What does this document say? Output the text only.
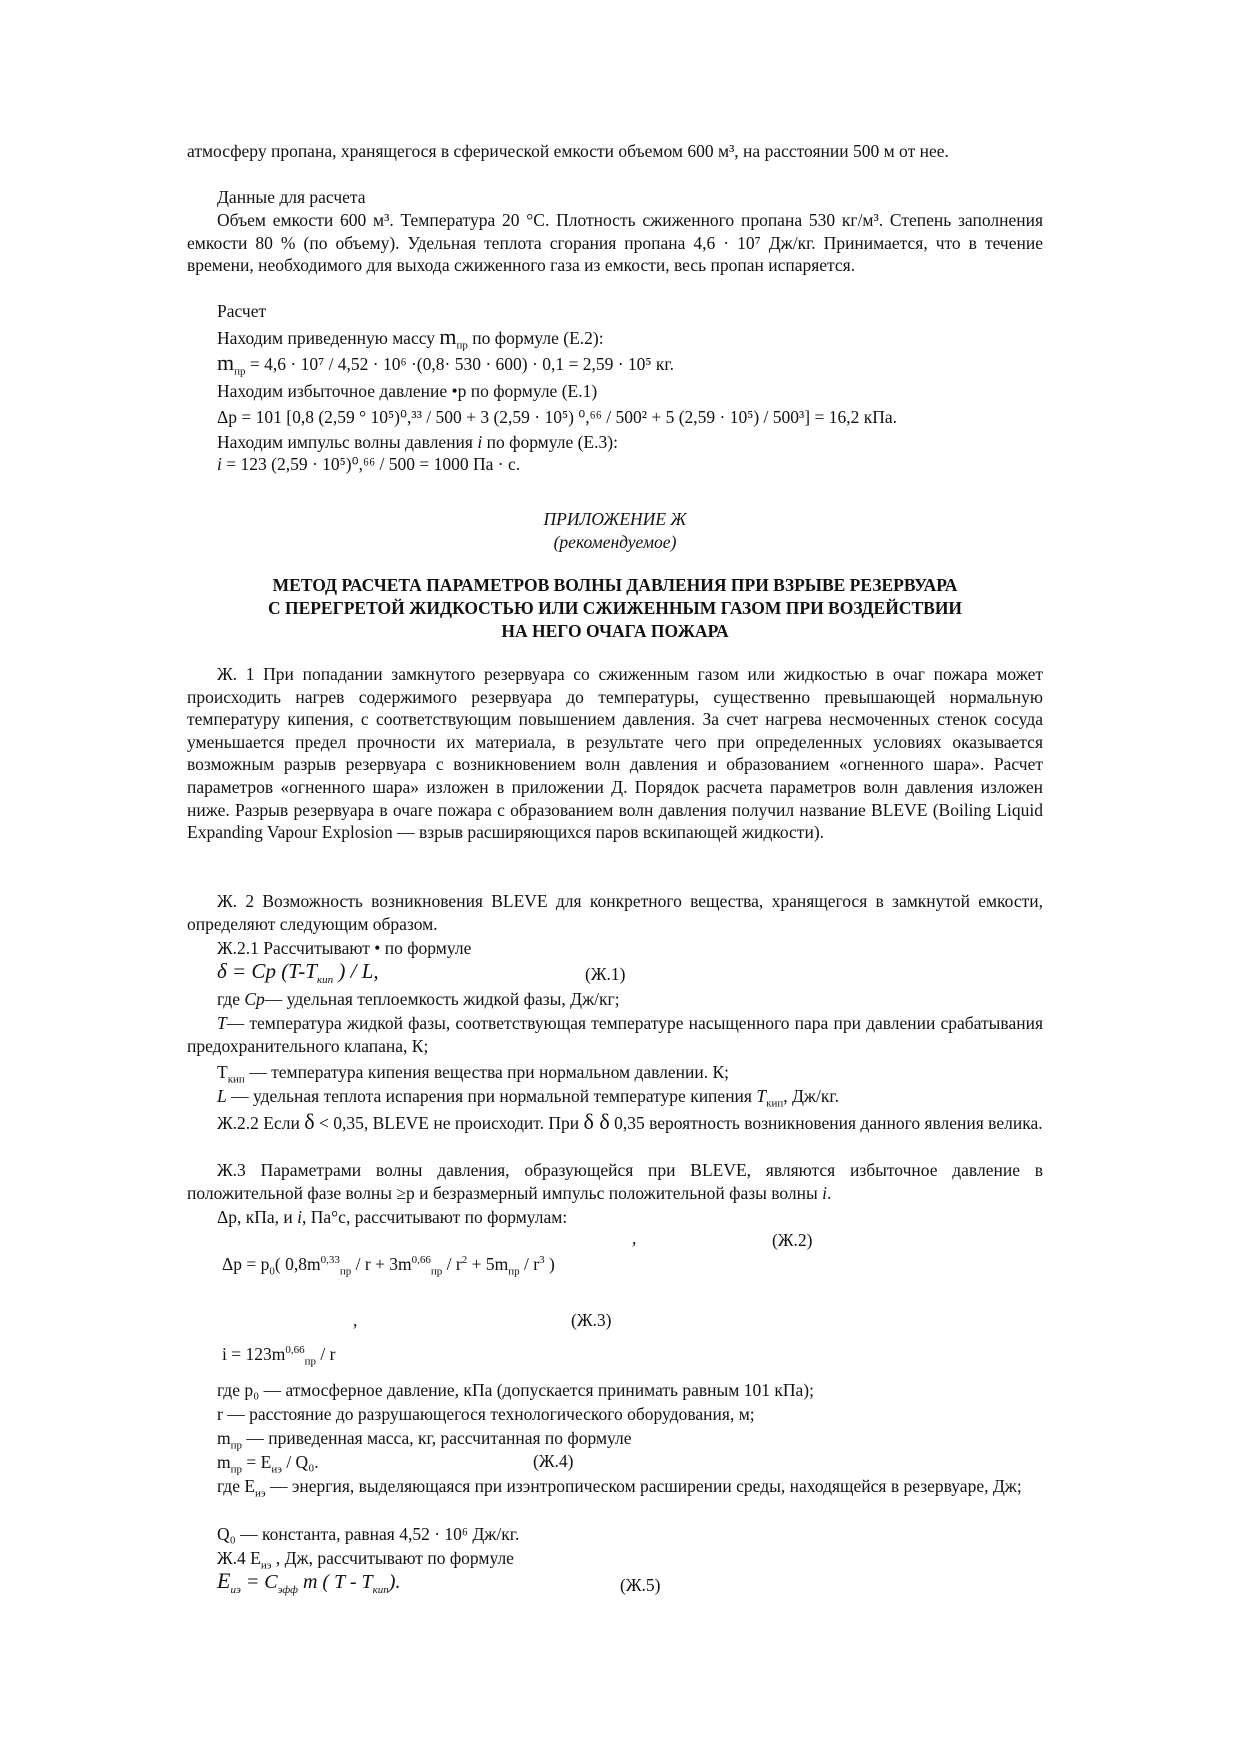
атмосферу пропана, хранящегося в сферической емкости объемом 600 м³, на расстоянии 500 м от нее.
Данные для расчета
Объем емкости 600 м³. Температура 20 °С. Плотность сжиженного пропана 530 кг/м³. Степень заполнения емкости 80 % (по объему). Удельная теплота сгорания пропана 4,6 · 10⁷ Дж/кг. Принимается, что в течение времени, необходимого для выхода сжиженного газа из емкости, весь пропан испаряется.
Расчет
Находим приведенную массу $m_{пр}$ по формуле (Е.2):
$m_{пр} = 4,6 \cdot 10^7 / 4,52 \cdot 10^6 \cdot(0,8\cdot 530 \cdot 600) \cdot 0,1 = 2,59 \cdot 10^5$ кг.
Находим избыточное давление •р по формуле (Е.1)
Δр = 101 [0,8 (2,59 ° 10⁵)⁰,³³ / 500 + 3 (2,59 · 10⁵) ⁰,⁶⁶ / 500² + 5 (2,59 · 10⁵) / 500³] = 16,2 кПа.
Находим импульс волны давления i по формуле (Е.3):
i = 123 (2,59 · 10⁵)⁰,⁶⁶ / 500 = 1000 Па · с.
ПРИЛОЖЕНИЕ Ж
(рекомендуемое)
МЕТОД РАСЧЕТА ПАРАМЕТРОВ ВОЛНЫ ДАВЛЕНИЯ ПРИ ВЗРЫВЕ РЕЗЕРВУАРА
С ПЕРЕГРЕТОЙ ЖИДКОСТЬЮ ИЛИ СЖИЖЕННЫМ ГАЗОМ ПРИ ВОЗДЕЙСТВИИ
НА НЕГО ОЧАГА ПОЖАРА
Ж. 1 При попадании замкнутого резервуара со сжиженным газом или жидкостью в очаг пожара может происходить нагрев содержимого резервуара до температуры, существенно превышающей нормальную температуру кипения, с соответствующим повышением давления. За счет нагрева несмоченных стенок сосуда уменьшается предел прочности их материала, в результате чего при определенных условиях оказывается возможным разрыв резервуара с возникновением волн давления и образованием «огненного шара». Расчет параметров «огненного шара» изложен в приложении Д. Порядок расчета параметров волн давления изложен ниже. Разрыв резервуара в очаге пожара с образованием волн давления получил название BLEVE (Boiling Liquid Expanding Vapour Explosion — взрыв расширяющихся паров вскипающей жидкости).
Ж. 2 Возможность возникновения BLEVE для конкретного вещества, хранящегося в замкнутой емкости, определяют следующим образом.
Ж.2.1 Рассчитывают • по формуле
δ = Cp ($T-T_{кип}$ ) / L,	(Ж.1)
где Cp— удельная теплоемкость жидкой фазы, Дж/кг;
T— температура жидкой фазы, соответствующая температуре насыщенного пара при давлении срабатывания предохранительного клапана, К;
$T_{кип}$ — температура кипения вещества при нормальном давлении. К;
L — удельная теплота испарения при нормальной температуре кипения $T_{кип}$, Дж/кг.
Ж.2.2 Если δ < 0,35, BLEVE не происходит. При δ δ 0,35 вероятность возникновения данного явления велика.
Ж.3 Параметрами волны давления, образующейся при BLEVE, являются избыточное давление в положительной фазе волны ≥р и безразмерный импульс положительной фазы волны i.
Δр, кПа, и i, Па°с, рассчитывают по формулам:
,	(Ж.2)
$\Delta p = p_0$( $0,8m^{0,33}_{пр} / r + 3m^{0,66}_{пр} / r^2 + 5m_{пр} / r^3$ )
,	(Ж.3)
$i = 123m^{0,66}_{пр} / r$
где p₀ — атмосферное давление, кПа (допускается принимать равным 101 кПа);
r — расстояние до разрушающегося технологического оборудования, м;
$m_{пр}$ — приведенная масса, кг, рассчитанная по формуле
$m_{пр} = E_{иэ} / Q_0$.	(Ж.4)
где $E_{иэ}$ — энергия, выделяющаяся при изэнтропическом расширении среды, находящейся в резервуаре, Дж;
Q₀ — константа, равная 4,52 · 10⁶ Дж/кг.
Ж.4 $E_{иэ}$ , Дж, рассчитывают по формуле
$E_{иэ} = C_{эфф}$ m ( T - $T_{кип}$).	(Ж.5)
